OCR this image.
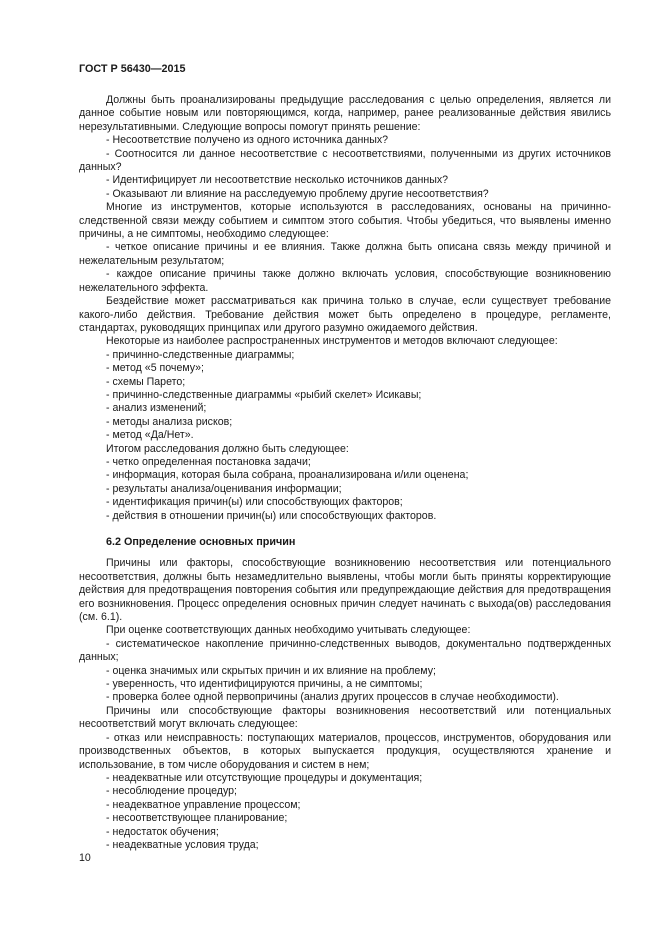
ГОСТ Р 56430—2015

Должны быть проанализированы предыдущие расследования с целью определения, является ли данное событие новым или повторяющимся, когда, например, ранее реализованные действия явились нерезультативными. Следующие вопросы помогут принять решение:

- Несоответствие получено из одного источника данных?

- Соотносится ли данное несоответствие с несоответствиями, полученными из других источников данных?

- Идентифицирует ли несоответствие несколько источников данных?

- Оказывают ли влияние на расследуемую проблему другие несоответствия?

Многие из инструментов, которые используются в расследованиях, основаны на причинно-следственной связи между событием и симптом этого события. Чтобы убедиться, что выявлены именно причины, а не симптомы, необходимо следующее:

- четкое описание причины и ее влияния. Также должна быть описана связь между причиной и нежелательным результатом;

- каждое описание причины также должно включать условия, способствующие возникновению нежелательного эффекта.

Бездействие может рассматриваться как причина только в случае, если существует требование какого-либо действия. Требование действия может быть определено в процедуре, регламенте, стандартах, руководящих принципах или другого разумно ожидаемого действия.

Некоторые из наиболее распространенных инструментов и методов включают следующее:

- причинно-следственные диаграммы;

- метод «5 почему»;

- схемы Парето;

- причинно-следственные диаграммы «рыбий скелет» Исикавы;

- анализ изменений;

- методы анализа рисков;

- метод «Да/Нет».

Итогом расследования должно быть следующее:

- четко определенная постановка задачи;

- информация, которая была собрана, проанализирована и/или оценена;

- результаты анализа/оценивания информации;

- идентификация причин(ы) или способствующих факторов;

- действия в отношении причин(ы) или способствующих факторов.

6.2 Определение основных причин

Причины или факторы, способствующие возникновению несоответствия или потенциального несоответствия, должны быть незамедлительно выявлены, чтобы могли быть приняты корректирующие действия для предотвращения повторения события или предупреждающие действия для предотвращения его возникновения. Процесс определения основных причин следует начинать с выхода(ов) расследования (см. 6.1).

При оценке соответствующих данных необходимо учитывать следующее:

- систематическое накопление причинно-следственных выводов, документально подтвержденных данных;

- оценка значимых или скрытых причин и их влияние на проблему;

- уверенность, что идентифицируются причины, а не симптомы;

- проверка более одной первопричины (анализ других процессов в случае необходимости).

Причины или способствующие факторы возникновения несоответствий или потенциальных несоответствий могут включать следующее:

- отказ или неисправность: поступающих материалов, процессов, инструментов, оборудования или производственных объектов, в которых выпускается продукция, осуществляются хранение и использование, в том числе оборудования и систем в нем;

- неадекватные или отсутствующие процедуры и документация;

- несоблюдение процедур;

- неадекватное управление процессом;

- несоответствующее планирование;

- недостаток обучения;

- неадекватные условия труда;

10
